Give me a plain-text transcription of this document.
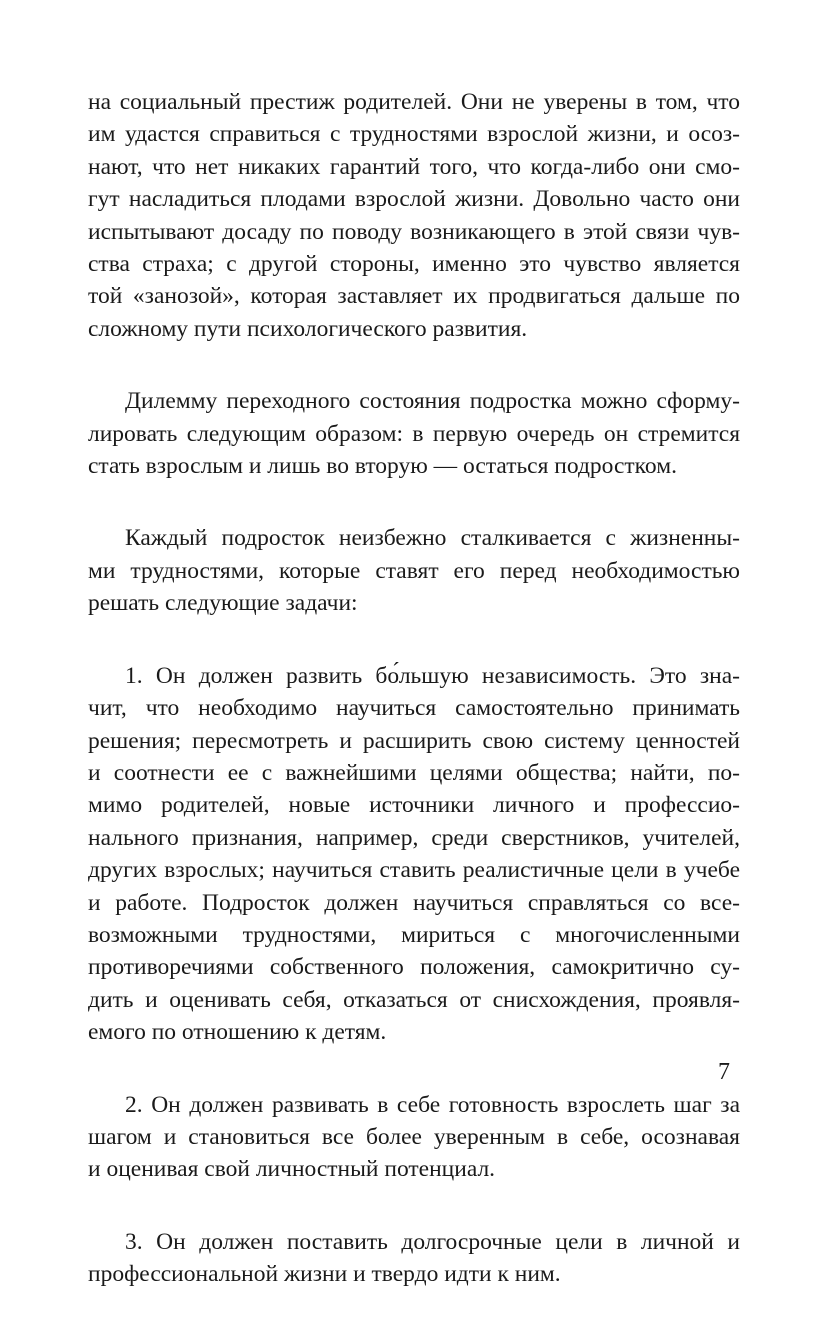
на социальный престиж родителей. Они не уверены в том, что
им удастся справиться с трудностями взрослой жизни, и осоз-
нают, что нет никаких гарантий того, что когда-либо они смо-
гут насладиться плодами взрослой жизни. Довольно часто они
испытывают досаду по поводу возникающего в этой связи чув-
ства страха; с другой стороны, именно это чувство является
той «занозой», которая заставляет их продвигаться дальше по
сложному пути психологического развития.

Дилемму переходного состояния подростка можно сформу-
лировать следующим образом: в первую очередь он стремится
стать взрослым и лишь во вторую — остаться подростком.

Каждый подросток неизбежно сталкивается с жизненны-
ми трудностями, которые ставят его перед необходимостью
решать следующие задачи:

1. Он должен развить бо́льшую независимость. Это зна-
чит, что необходимо научиться самостоятельно принимать
решения; пересмотреть и расширить свою систему ценностей
и соотнести ее с важнейшими целями общества; найти, по-
мимо родителей, новые источники личного и профессио-
нального признания, например, среди сверстников, учителей,
других взрослых; научиться ставить реалистичные цели в учебе
и работе. Подросток должен научиться справляться со все-
возможными трудностями, мириться с многочисленными
противоречиями собственного положения, самокритично су-
дить и оценивать себя, отказаться от снисхождения, проявля-
емого по отношению к детям.

2. Он должен развивать в себе готовность взрослеть шаг за
шагом и становиться все более уверенным в себе, осознавая
и оценивая свой личностный потенциал.

3. Он должен поставить долгосрочные цели в личной и
профессиональной жизни и твердо идти к ним.

7
